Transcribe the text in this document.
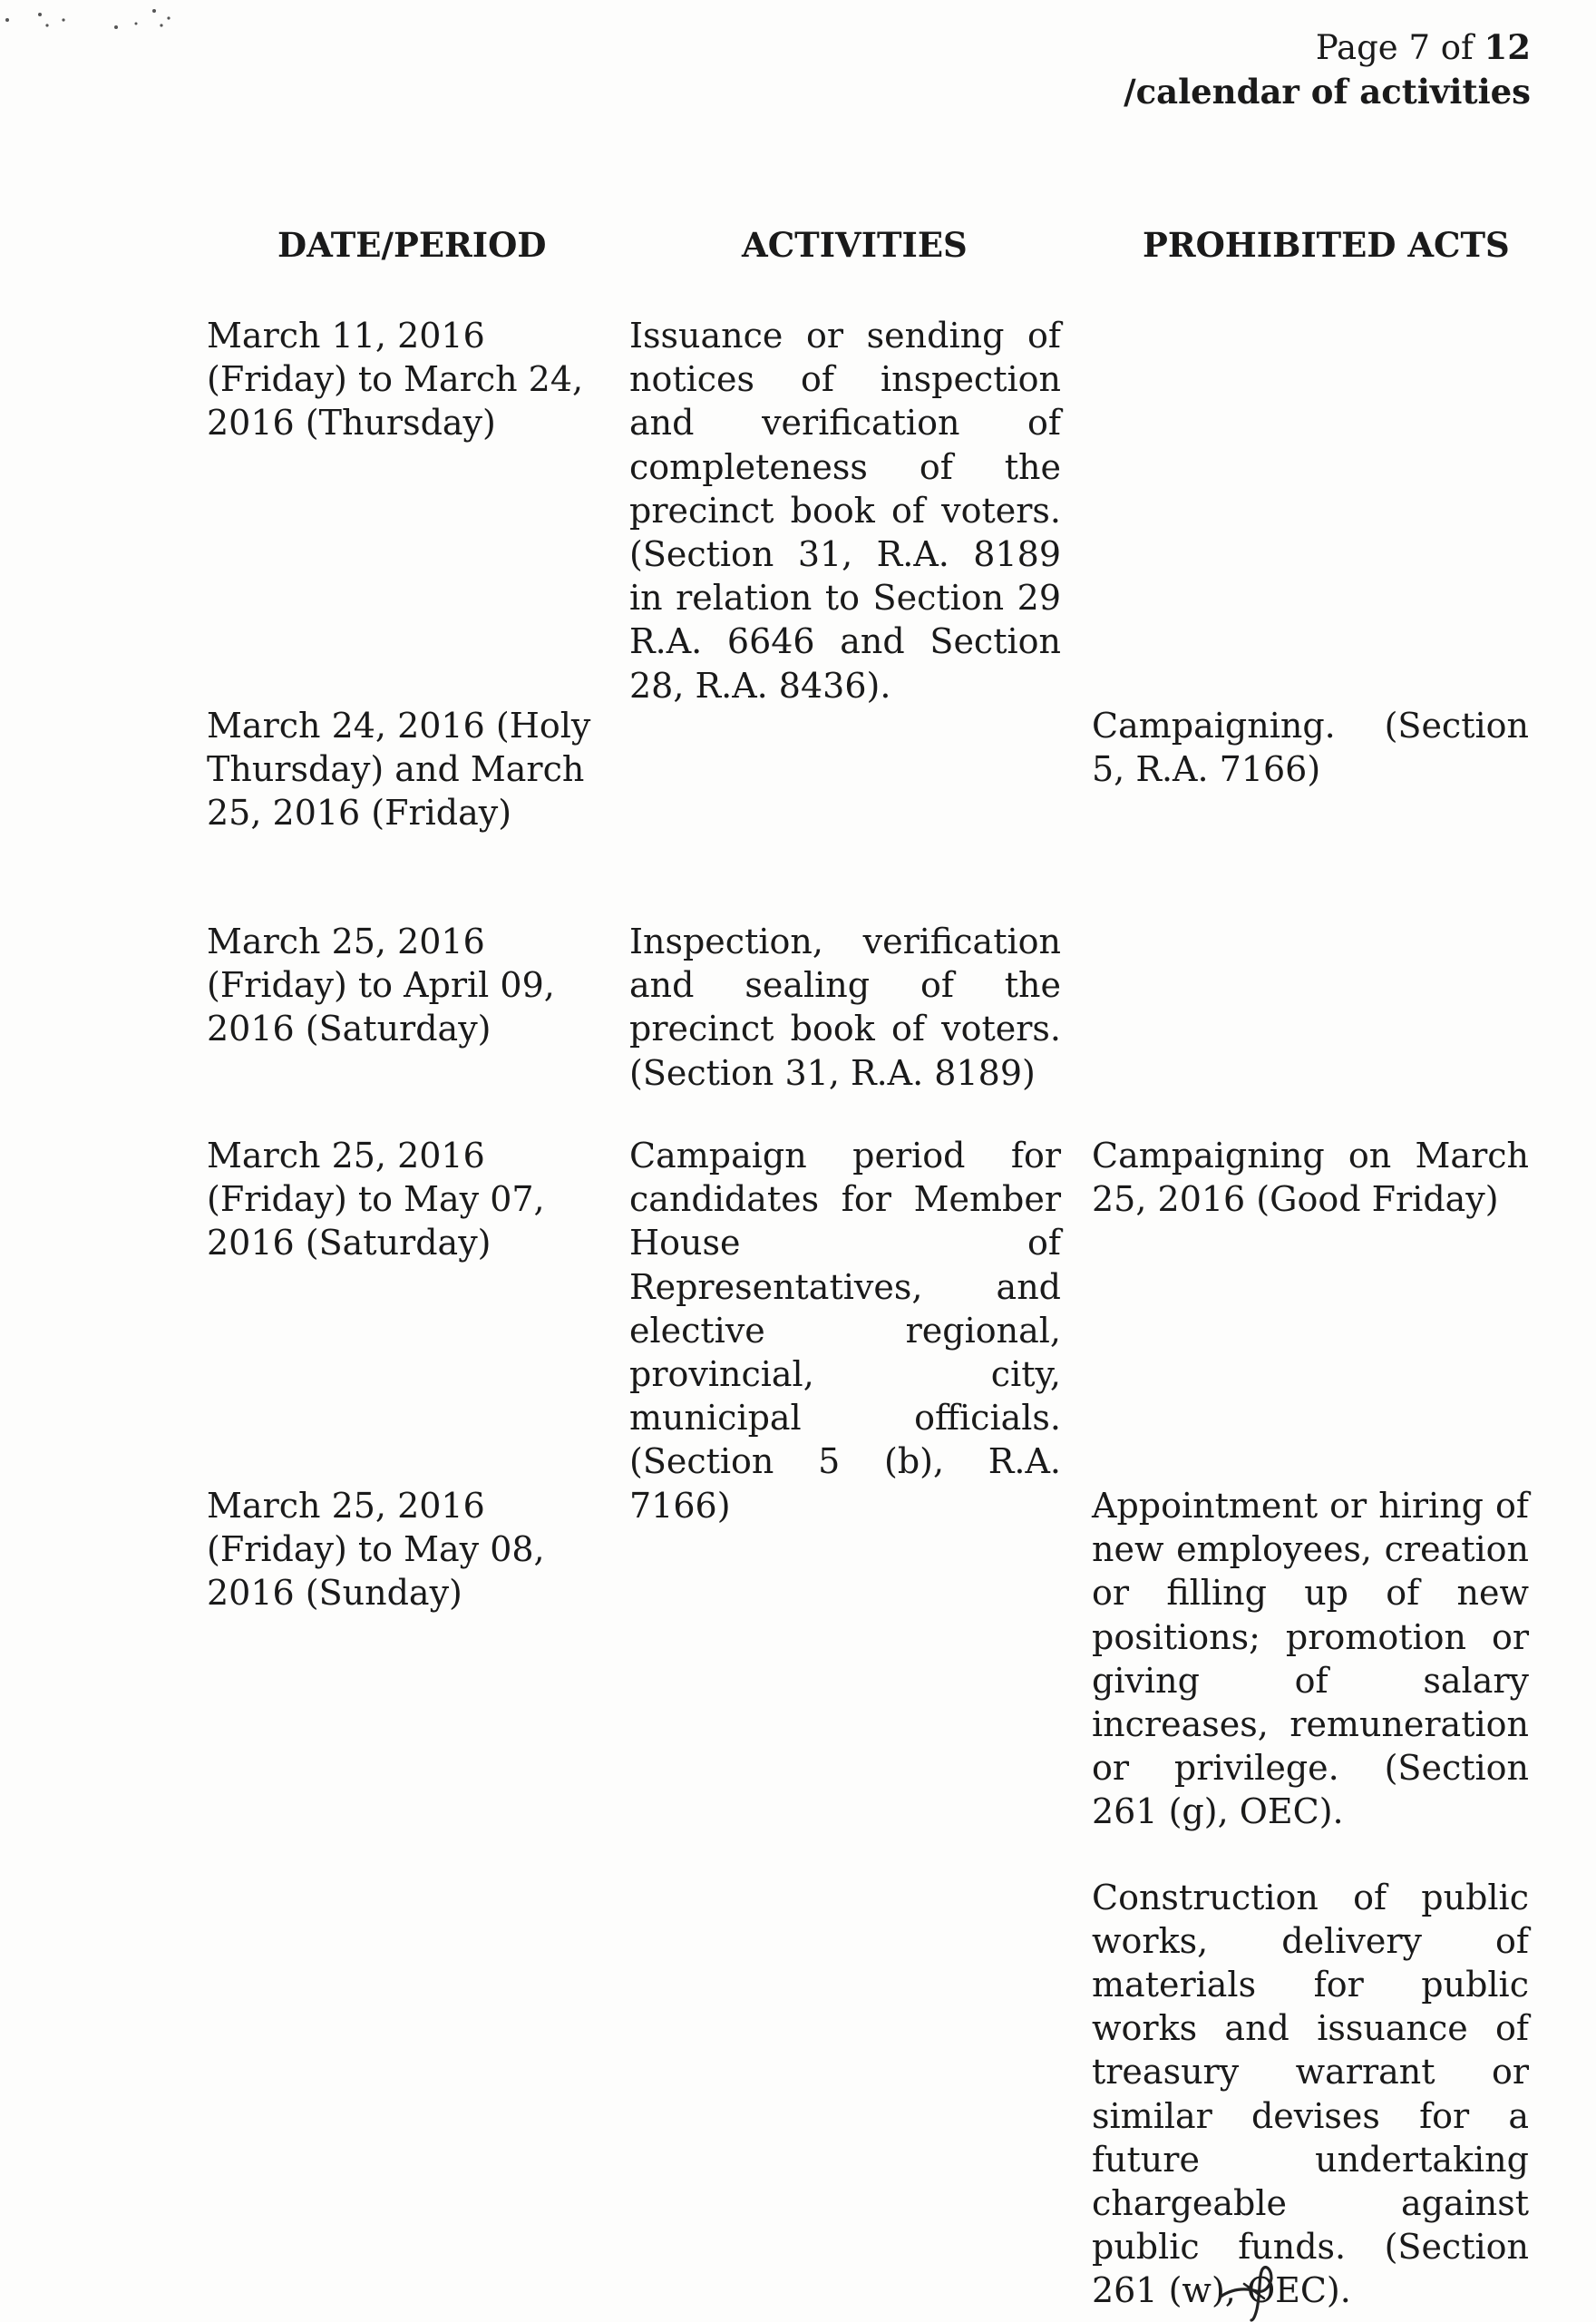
Page 7 of 12
/calendar of activities
DATE/PERIOD	ACTIVITIES	PROHIBITED ACTS
March 11, 2016 (Friday) to March 24, 2016 (Thursday)
Issuance or sending of notices of inspection and verification of completeness of the precinct book of voters. (Section 31, R.A. 8189 in relation to Section 29 R.A. 6646 and Section 28, R.A. 8436).

March 24, 2016 (Holy Thursday) and March 25, 2016 (Friday)

Campaigning. (Section 5, R.A. 7166)

March 25, 2016 (Friday) to April 09, 2016 (Saturday)
Inspection, verification and sealing of the precinct book of voters. (Section 31, R.A. 8189)

March 25, 2016 (Friday) to May 07, 2016 (Saturday)
Campaign period for candidates for Member House of Representatives, and elective regional, provincial, city, municipal officials. (Section 5 (b), R.A. 7166)

Campaigning on March 25, 2016 (Good Friday)

March 25, 2016 (Friday) to May 08, 2016 (Sunday)

Appointment or hiring of new employees, creation or filling up of new positions; promotion or giving of salary increases, remuneration or privilege. (Section 261 (g), OEC).

Construction of public works, delivery of materials for public works and issuance of treasury warrant or similar devises for a future undertaking chargeable against public funds. (Section 261 (w), OEC).
